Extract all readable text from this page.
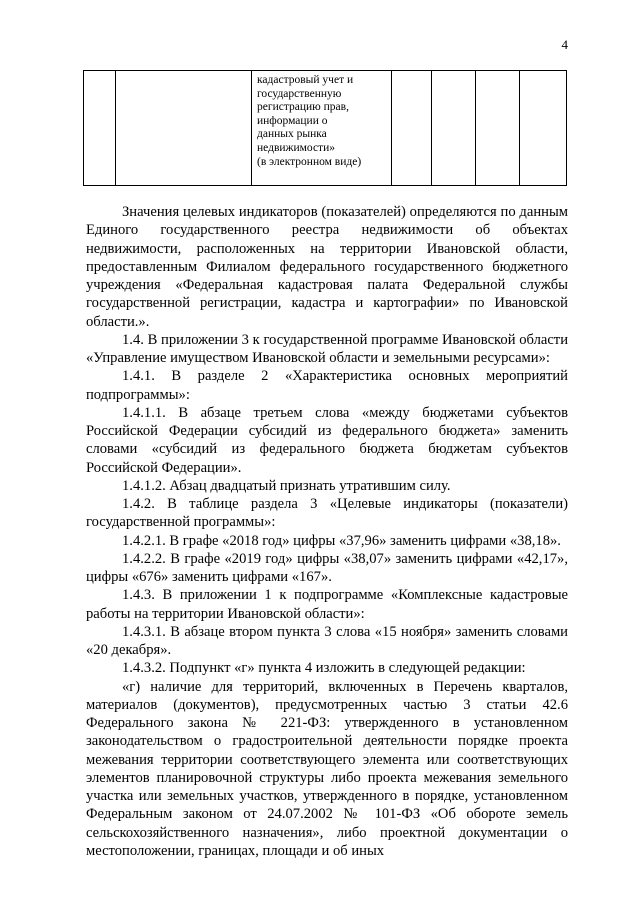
4

кадастровый учет и
государственную
регистрацию прав,
информации о
данных рынка
недвижимости»
(в электронном виде)

Значения целевых индикаторов (показателей) определяются по данным Единого государственного реестра недвижимости об объектах недвижимости, расположенных на территории Ивановской области, предоставленным Филиалом федерального государственного бюджетного учреждения «Федеральная кадастровая палата Федеральной службы государственной регистрации, кадастра и картографии» по Ивановской области.».

1.4. В приложении 3 к государственной программе Ивановской области «Управление имуществом Ивановской области и земельными ресурсами»:

1.4.1. В разделе 2 «Характеристика основных мероприятий подпрограммы»:

1.4.1.1. В абзаце третьем слова «между бюджетами субъектов Российской Федерации субсидий из федерального бюджета» заменить словами «субсидий из федерального бюджета бюджетам субъектов Российской Федерации».

1.4.1.2. Абзац двадцатый признать утратившим силу.

1.4.2. В таблице раздела 3 «Целевые индикаторы (показатели) государственной программы»:

1.4.2.1. В графе «2018 год» цифры «37,96» заменить цифрами «38,18».

1.4.2.2. В графе «2019 год» цифры «38,07» заменить цифрами «42,17», цифры «676» заменить цифрами «167».

1.4.3. В приложении 1 к подпрограмме «Комплексные кадастровые работы на территории Ивановской области»:

1.4.3.1. В абзаце втором пункта 3 слова «15 ноября» заменить словами «20 декабря».

1.4.3.2. Подпункт «г» пункта 4 изложить в следующей редакции:

«г) наличие для территорий, включенных в Перечень кварталов, материалов (документов), предусмотренных частью 3 статьи 42.6 Федерального закона № 221-ФЗ: утвержденного в установленном законодательством о градостроительной деятельности порядке проекта межевания территории соответствующего элемента или соответствующих элементов планировочной структуры либо проекта межевания земельного участка или земельных участков, утвержденного в порядке, установленном Федеральным законом от 24.07.2002 № 101-ФЗ «Об обороте земель сельскохозяйственного назначения», либо проектной документации о местоположении, границах, площади и об иных
